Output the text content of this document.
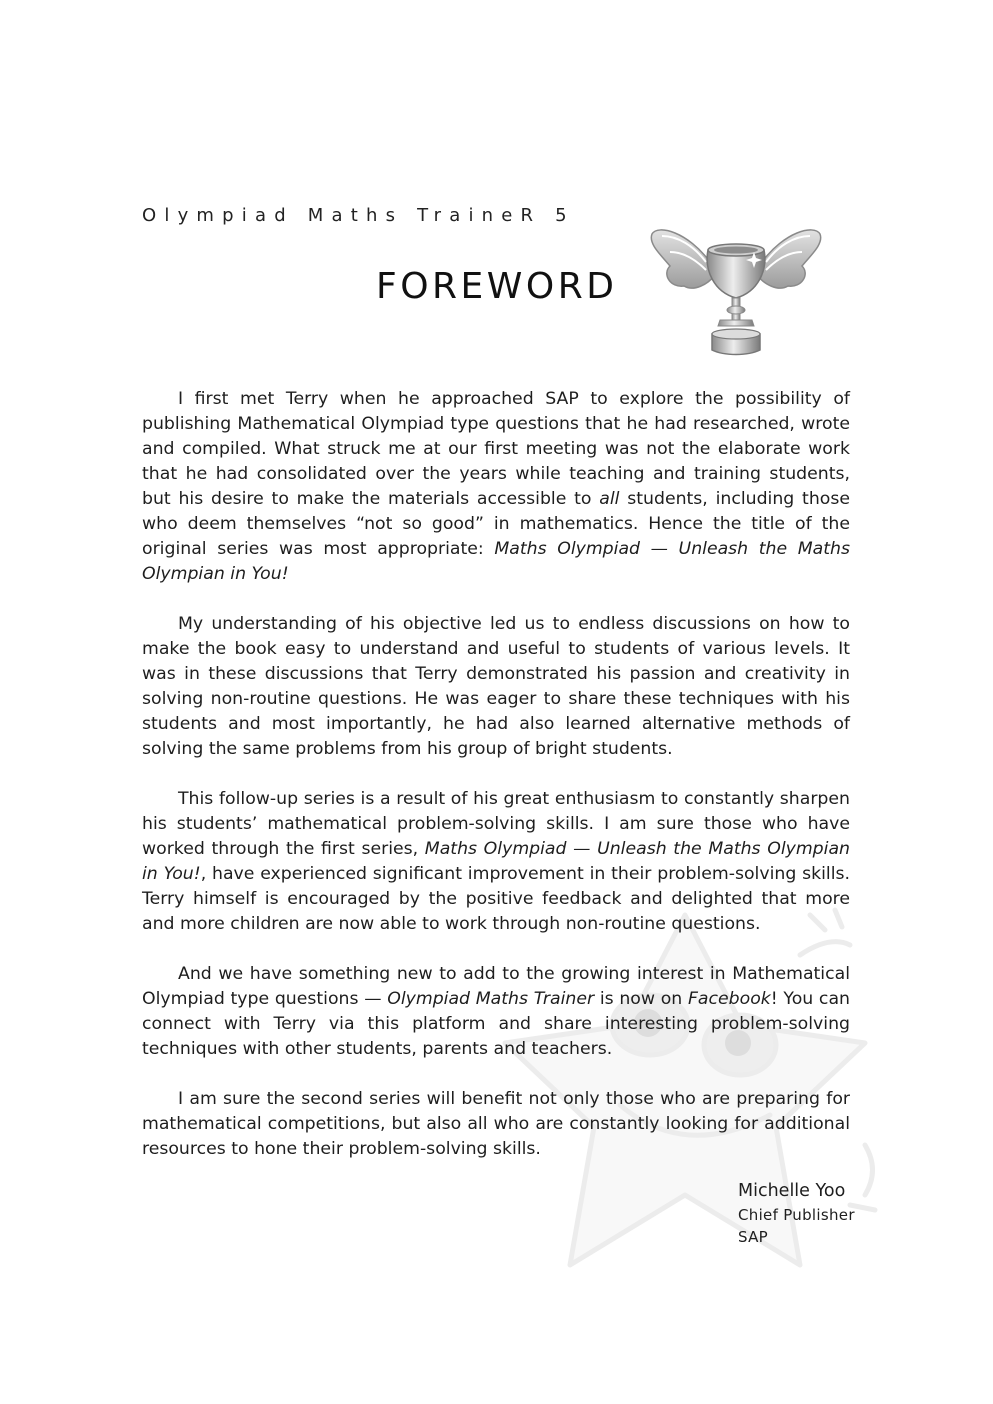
Olympiad Maths TraineR 5
FOREWORD

I first met Terry when he approached SAP to explore the possibility of publishing Mathematical Olympiad type questions that he had researched, wrote and compiled. What struck me at our first meeting was not the elaborate work that he had consolidated over the years while teaching and training students, but his desire to make the materials accessible to all students, including those who deem themselves “not so good” in mathematics. Hence the title of the original series was most appropriate: Maths Olympiad — Unleash the Maths Olympian in You!

My understanding of his objective led us to endless discussions on how to make the book easy to understand and useful to students of various levels. It was in these discussions that Terry demonstrated his passion and creativity in solving non-routine questions. He was eager to share these techniques with his students and most importantly, he had also learned alternative methods of solving the same problems from his group of bright students.

This follow-up series is a result of his great enthusiasm to constantly sharpen his students’ mathematical problem-solving skills. I am sure those who have worked through the first series, Maths Olympiad — Unleash the Maths Olympian in You!, have experienced significant improvement in their problem-solving skills. Terry himself is encouraged by the positive feedback and delighted that more and more children are now able to work through non-routine questions.

And we have something new to add to the growing interest in Mathematical Olympiad type questions — Olympiad Maths Trainer is now on Facebook! You can connect with Terry via this platform and share interesting problem-solving techniques with other students, parents and teachers.

I am sure the second series will benefit not only those who are preparing for mathematical competitions, but also all who are constantly looking for additional resources to hone their problem-solving skills.

Michelle Yoo
Chief Publisher
SAP
